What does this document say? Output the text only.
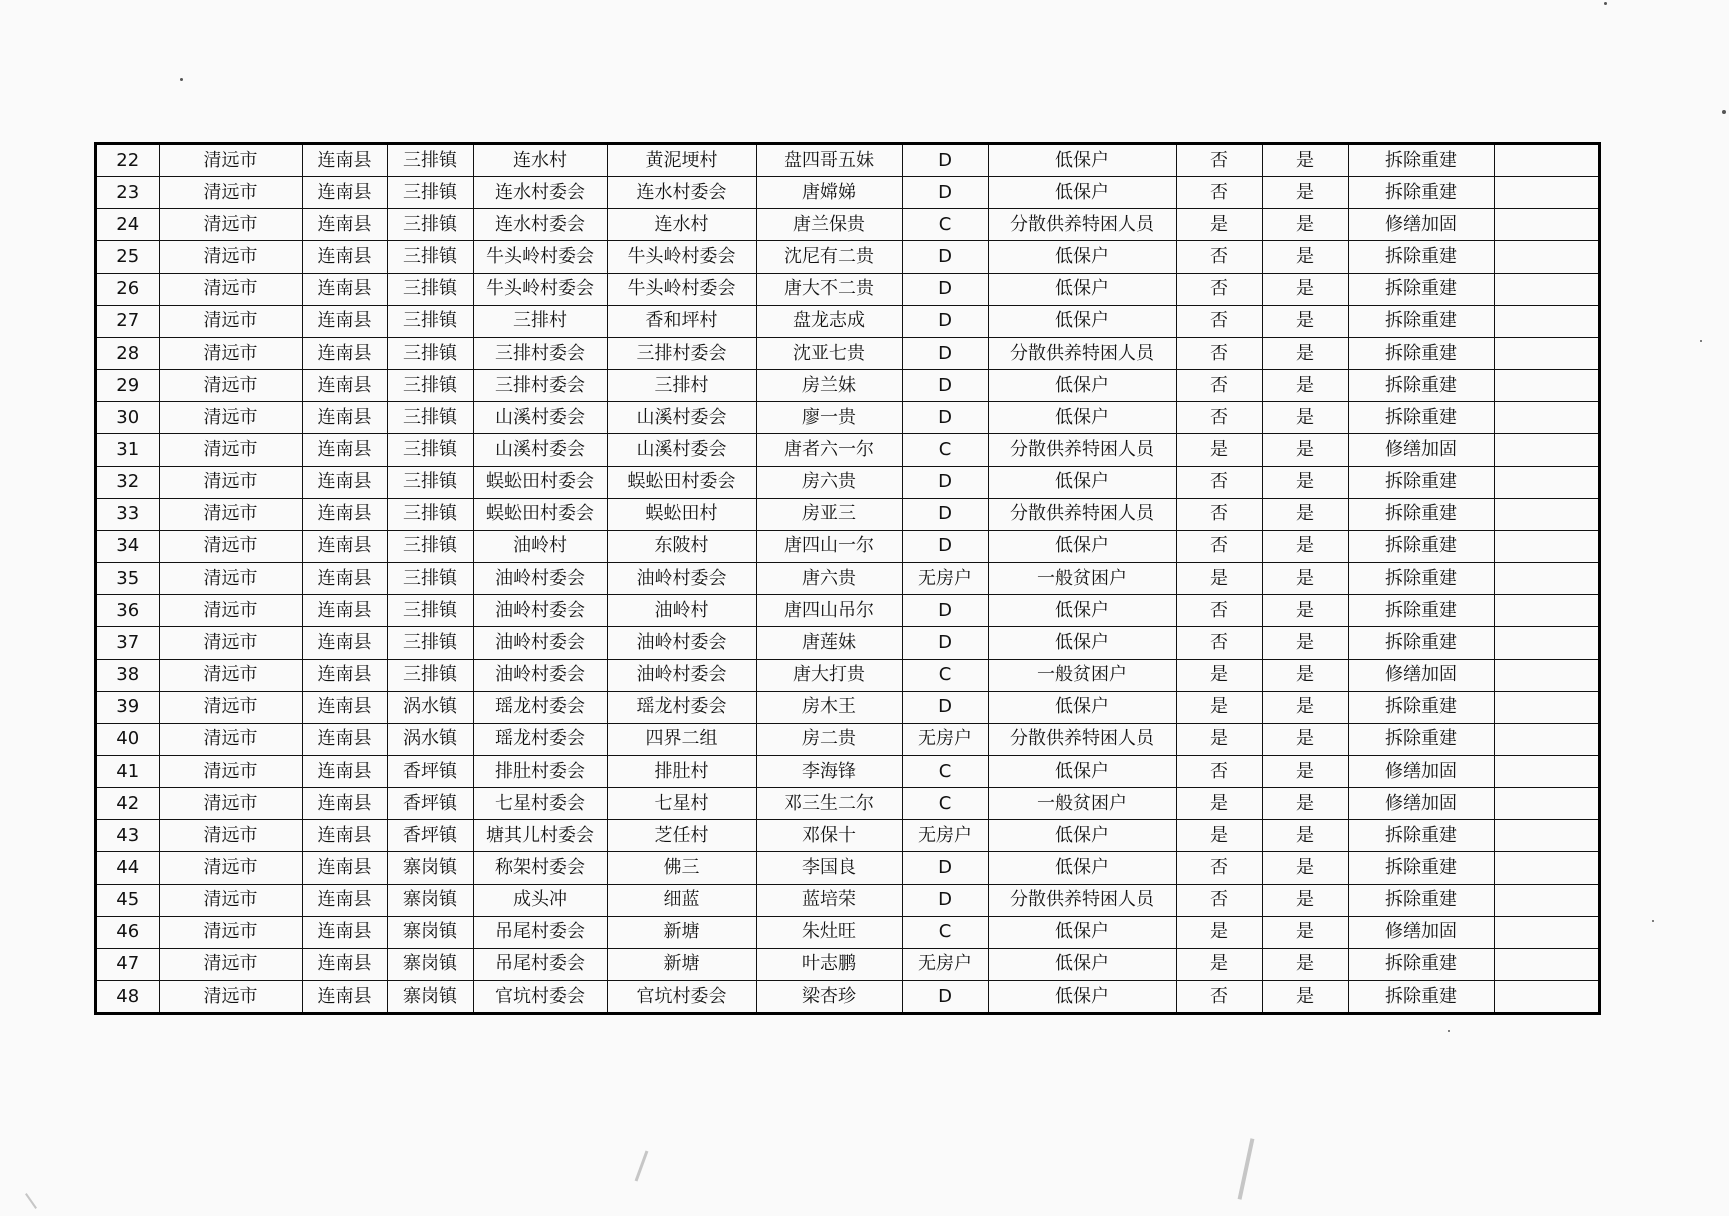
22	清远市	连南县	三排镇	连水村	黄泥埂村	盘四哥五妹	D	低保户	否	是	拆除重建	
23	清远市	连南县	三排镇	连水村委会	连水村委会	唐嫦娣	D	低保户	否	是	拆除重建	
24	清远市	连南县	三排镇	连水村委会	连水村	唐兰保贵	C	分散供养特困人员	是	是	修缮加固	
25	清远市	连南县	三排镇	牛头岭村委会	牛头岭村委会	沈尼有二贵	D	低保户	否	是	拆除重建	
26	清远市	连南县	三排镇	牛头岭村委会	牛头岭村委会	唐大不二贵	D	低保户	否	是	拆除重建	
27	清远市	连南县	三排镇	三排村	香和坪村	盘龙志成	D	低保户	否	是	拆除重建	
28	清远市	连南县	三排镇	三排村委会	三排村委会	沈亚七贵	D	分散供养特困人员	否	是	拆除重建	
29	清远市	连南县	三排镇	三排村委会	三排村	房兰妹	D	低保户	否	是	拆除重建	
30	清远市	连南县	三排镇	山溪村委会	山溪村委会	廖一贵	D	低保户	否	是	拆除重建	
31	清远市	连南县	三排镇	山溪村委会	山溪村委会	唐者六一尔	C	分散供养特困人员	是	是	修缮加固	
32	清远市	连南县	三排镇	蜈蚣田村委会	蜈蚣田村委会	房六贵	D	低保户	否	是	拆除重建	
33	清远市	连南县	三排镇	蜈蚣田村委会	蜈蚣田村	房亚三	D	分散供养特困人员	否	是	拆除重建	
34	清远市	连南县	三排镇	油岭村	东陂村	唐四山一尔	D	低保户	否	是	拆除重建	
35	清远市	连南县	三排镇	油岭村委会	油岭村委会	唐六贵	无房户	一般贫困户	是	是	拆除重建	
36	清远市	连南县	三排镇	油岭村委会	油岭村	唐四山吊尔	D	低保户	否	是	拆除重建	
37	清远市	连南县	三排镇	油岭村委会	油岭村委会	唐莲妹	D	低保户	否	是	拆除重建	
38	清远市	连南县	三排镇	油岭村委会	油岭村委会	唐大打贵	C	一般贫困户	是	是	修缮加固	
39	清远市	连南县	涡水镇	瑶龙村委会	瑶龙村委会	房木王	D	低保户	是	是	拆除重建	
40	清远市	连南县	涡水镇	瑶龙村委会	四界二组	房二贵	无房户	分散供养特困人员	是	是	拆除重建	
41	清远市	连南县	香坪镇	排肚村委会	排肚村	李海锋	C	低保户	否	是	修缮加固	
42	清远市	连南县	香坪镇	七星村委会	七星村	邓三生二尔	C	一般贫困户	是	是	修缮加固	
43	清远市	连南县	香坪镇	塘其儿村委会	芝任村	邓保十	无房户	低保户	是	是	拆除重建	
44	清远市	连南县	寨岗镇	称架村委会	佛三	李国良	D	低保户	否	是	拆除重建	
45	清远市	连南县	寨岗镇	成头冲	细蓝	蓝培荣	D	分散供养特困人员	否	是	拆除重建	
46	清远市	连南县	寨岗镇	吊尾村委会	新塘	朱灶旺	C	低保户	是	是	修缮加固	
47	清远市	连南县	寨岗镇	吊尾村委会	新塘	叶志鹏	无房户	低保户	是	是	拆除重建	
48	清远市	连南县	寨岗镇	官坑村委会	官坑村委会	梁杏珍	D	低保户	否	是	拆除重建	
